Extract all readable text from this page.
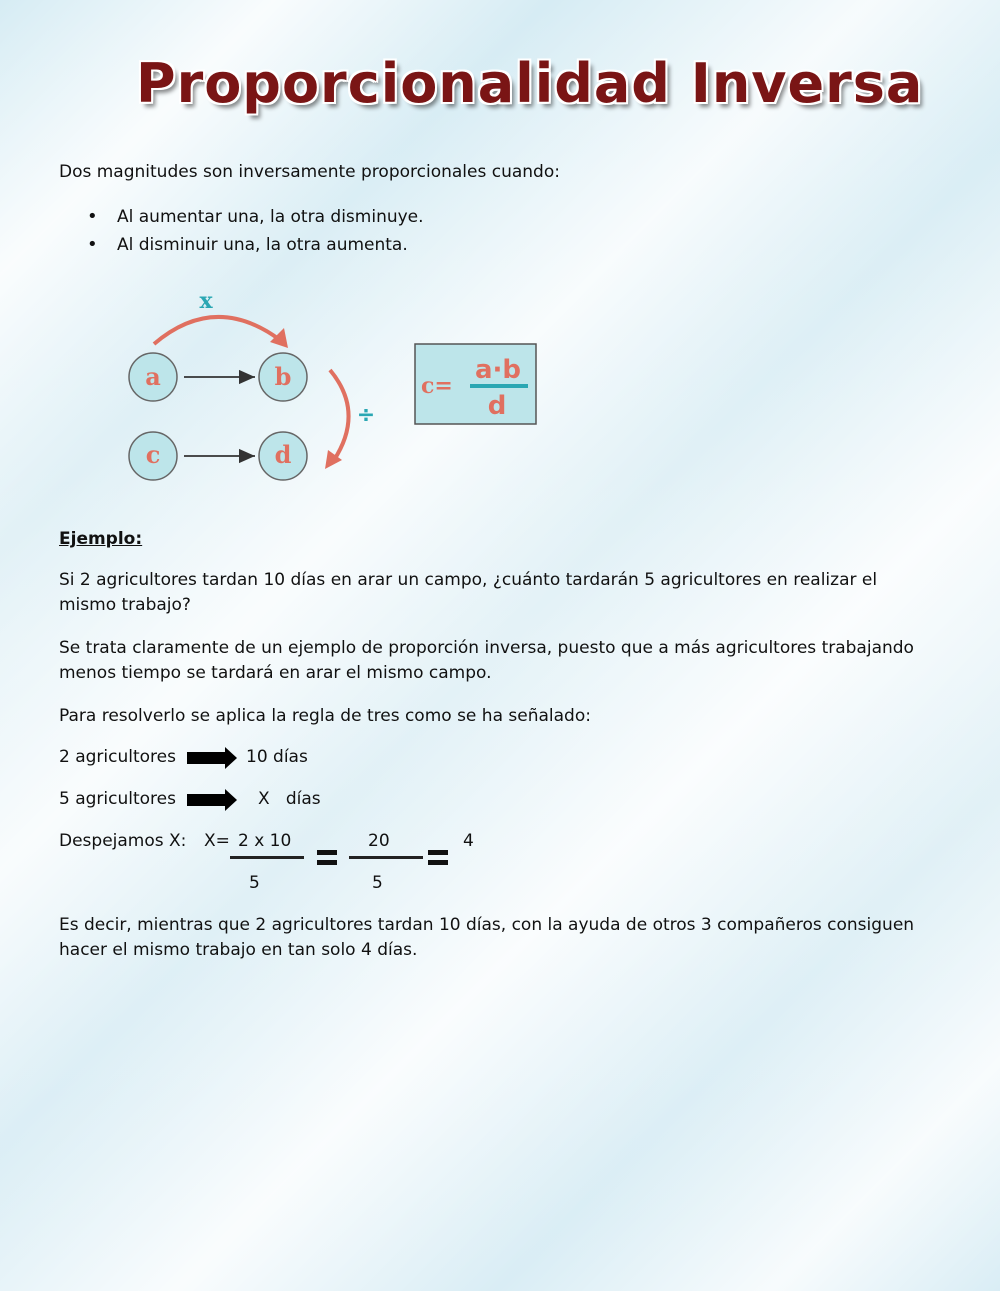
Proporcionalidad Inversa
Dos magnitudes son inversamente proporcionales cuando:
• Al aumentar una, la otra disminuye.
• Al disminuir una, la otra aumenta.
x
a	b
c	d
÷
c=
a·b
d
Ejemplo:
Si 2 agricultores tardan 10 días en arar un campo, ¿cuánto tardarán 5 agricultores en realizar el mismo trabajo?
Se trata claramente de un ejemplo de proporción inversa, puesto que a más agricultores trabajando menos tiempo se tardará en arar el mismo campo.
Para resolverlo se aplica la regla de tres como se ha señalado:
2 agricultores	10 días
5 agricultores	X   días
Despejamos X: X= 2 x 10
5
20
5
4
Es decir, mientras que 2 agricultores tardan 10 días, con la ayuda de otros 3 compañeros consiguen hacer el mismo trabajo en tan solo 4 días.
